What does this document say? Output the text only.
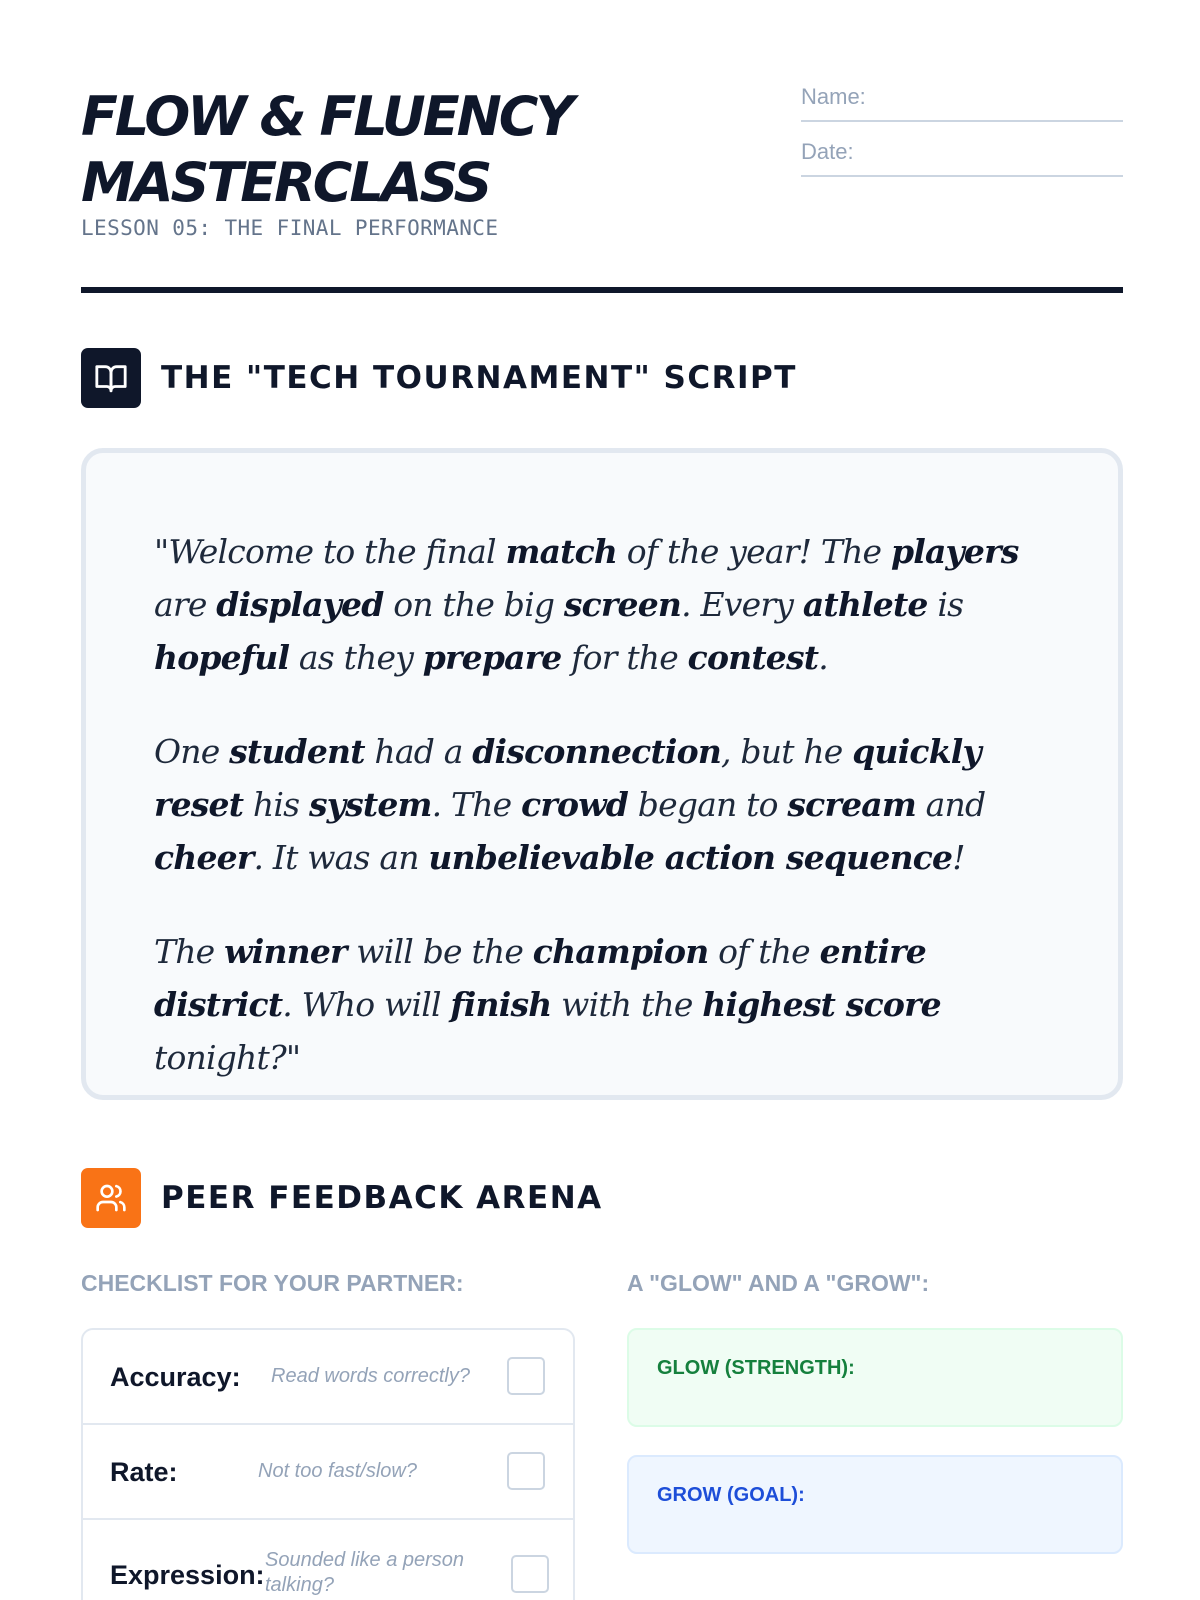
FLOW & FLUENCY
MASTERCLASS
LESSON 05: THE FINAL PERFORMANCE
Name:
Date:
THE "TECH TOURNAMENT" SCRIPT
"Welcome to the final match of the year! The players are displayed on the big screen. Every athlete is hopeful as they prepare for the contest.
One student had a disconnection, but he quickly reset his system. The crowd began to scream and cheer. It was an unbelievable action sequence!
The winner will be the champion of the entire district. Who will finish with the highest score tonight?"
PEER FEEDBACK ARENA
CHECKLIST FOR YOUR PARTNER:	A "GLOW" AND A "GROW":
Accuracy: Read words correctly?
Rate:	Not too fast/slow?
Expression: Sounded like a person talking?
GLOW (STRENGTH):
GROW (GOAL):
